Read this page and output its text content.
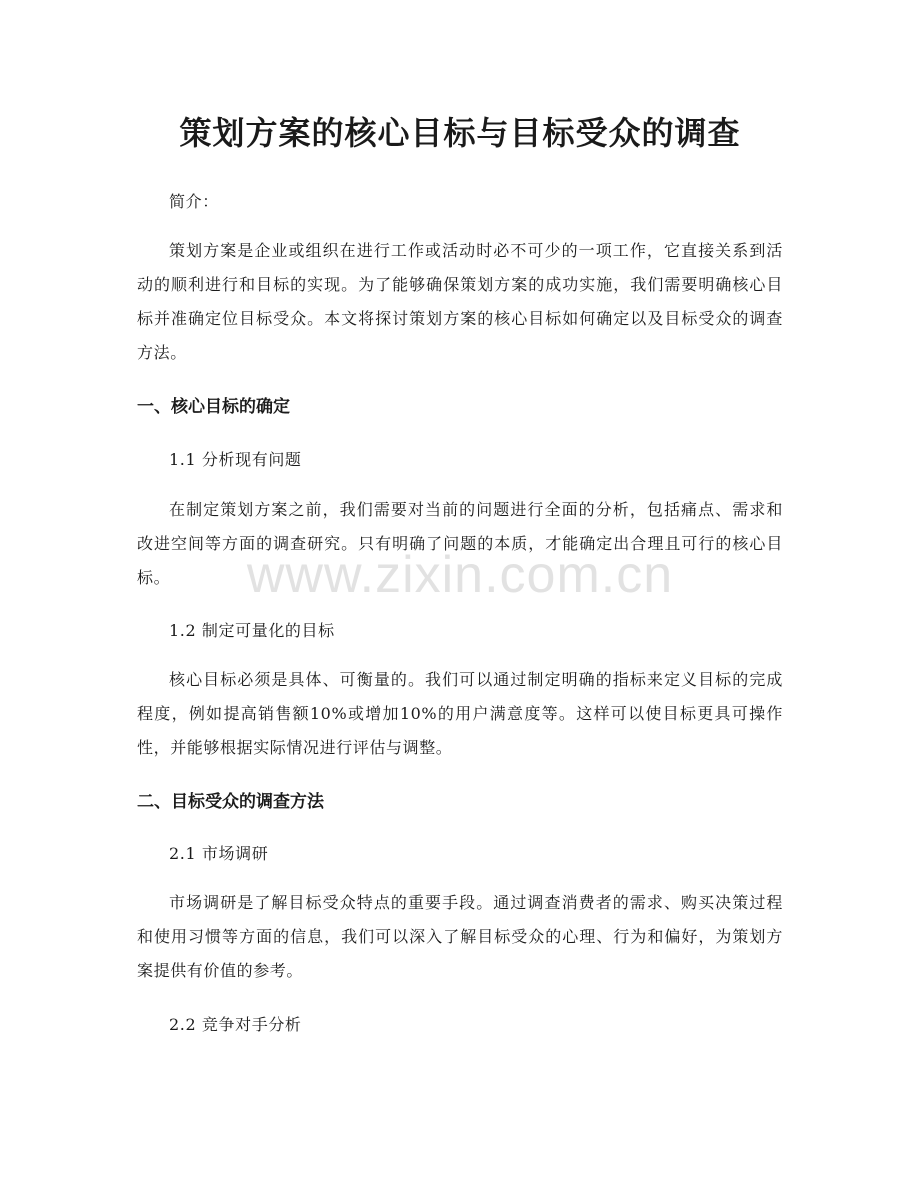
策划方案的核心目标与目标受众的调查

简介：

策划方案是企业或组织在进行工作或活动时必不可少的一项工作，它直接关系到活动的顺利进行和目标的实现。为了能够确保策划方案的成功实施，我们需要明确核心目标并准确定位目标受众。本文将探讨策划方案的核心目标如何确定以及目标受众的调查方法。

一、核心目标的确定

1.1 分析现有问题

在制定策划方案之前，我们需要对当前的问题进行全面的分析，包括痛点、需求和改进空间等方面的调查研究。只有明确了问题的本质，才能确定出合理且可行的核心目标。

1.2 制定可量化的目标

核心目标必须是具体、可衡量的。我们可以通过制定明确的指标来定义目标的完成程度，例如提高销售额10%或增加10%的用户满意度等。这样可以使目标更具可操作性，并能够根据实际情况进行评估与调整。

二、目标受众的调查方法

2.1 市场调研

市场调研是了解目标受众特点的重要手段。通过调查消费者的需求、购买决策过程和使用习惯等方面的信息，我们可以深入了解目标受众的心理、行为和偏好，为策划方案提供有价值的参考。

2.2 竞争对手分析

www.zixin.com.cn
